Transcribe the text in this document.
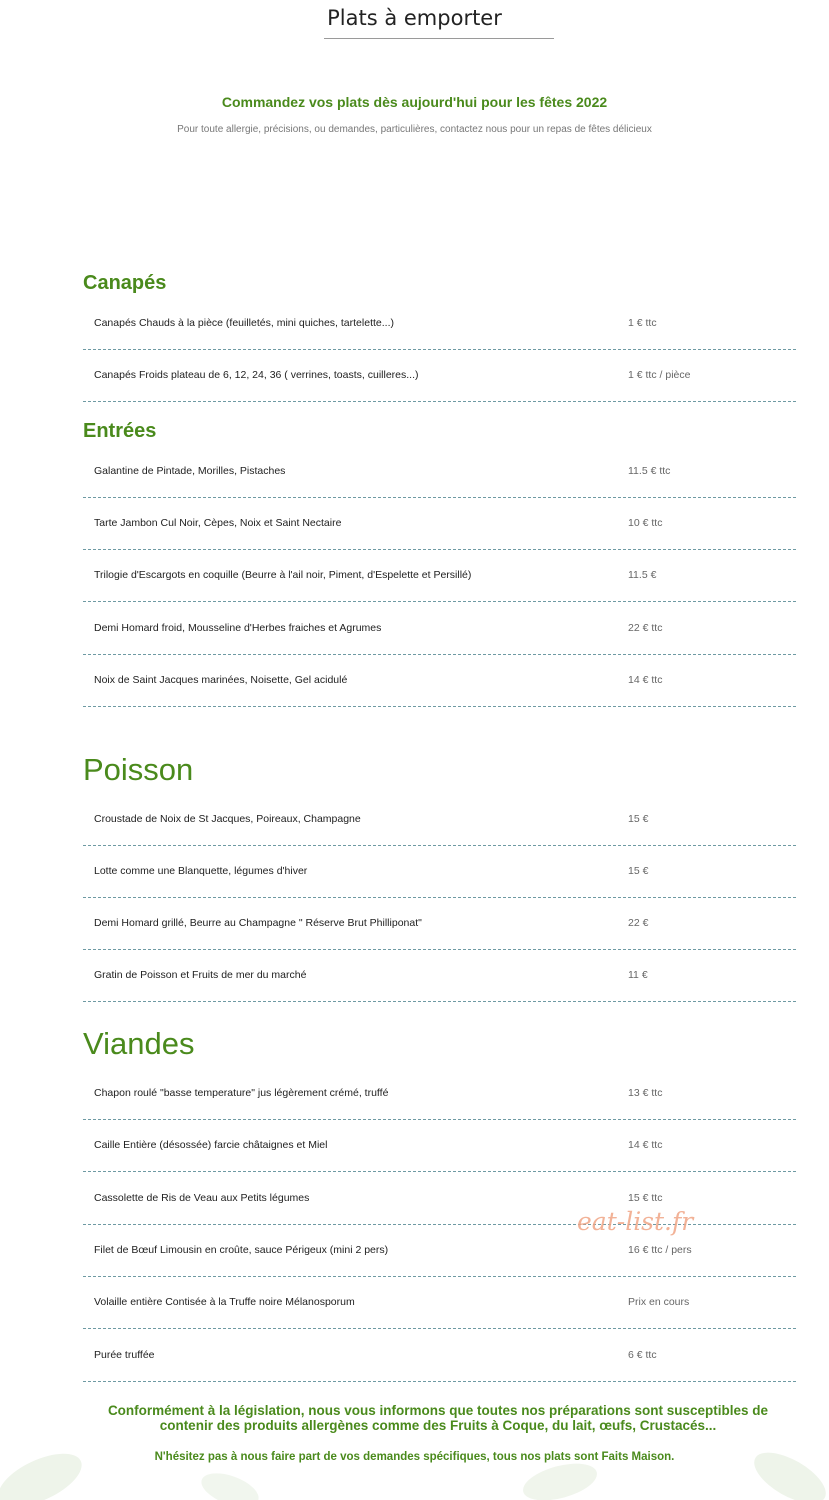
Plats à emporter
Commandez vos plats dès aujourd'hui pour les fêtes 2022
Pour toute allergie, précisions, ou demandes, particulières, contactez nous pour un repas de fêtes délicieux
Canapés
Canapés Chauds à la pièce (feuilletés, mini quiches, tartelette...)	1 € ttc
Canapés Froids plateau de 6, 12, 24, 36 ( verrines, toasts, cuilleres...)	1 € ttc / pièce
Entrées
Galantine de Pintade, Morilles, Pistaches	11.5 € ttc
Tarte Jambon Cul Noir, Cèpes, Noix et Saint Nectaire	10 € ttc
Trilogie d'Escargots en coquille (Beurre à l'ail noir, Piment, d'Espelette et Persillé)	11.5 €
Demi Homard froid, Mousseline d'Herbes fraiches et Agrumes	22 € ttc
Noix de Saint Jacques marinées, Noisette, Gel acidulé	14 € ttc
Poisson
Croustade de Noix de St Jacques, Poireaux, Champagne	15 €
Lotte comme une Blanquette, légumes d'hiver	15 €
Demi Homard grillé, Beurre au Champagne " Réserve Brut Philliponat"	22 €
Gratin de Poisson et Fruits de mer du marché	11 €
Viandes
Chapon roulé "basse temperature" jus légèrement crémé, truffé	13 € ttc
Caille Entière (désossée) farcie châtaignes et Miel	14 € ttc
Cassolette de Ris de Veau aux Petits légumes	15 € ttc
Filet de Bœuf Limousin en croûte, sauce Périgeux (mini 2 pers)	16 € ttc / pers
Volaille entière Contisée à la Truffe noire Mélanosporum	Prix en cours
Purée truffée	6 € ttc
eat-list.fr
Conformément à la législation, nous vous informons que toutes nos préparations sont susceptibles de contenir des produits allergènes comme des Fruits à Coque, du lait, œufs, Crustacés...
N'hésitez pas à nous faire part de vos demandes spécifiques, tous nos plats sont Faits Maison.
